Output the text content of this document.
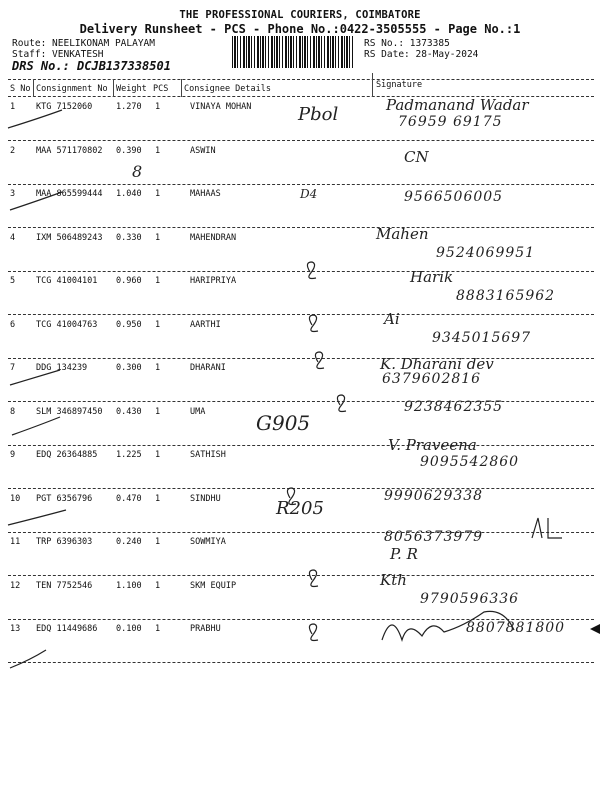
THE PROFESSIONAL COURIERS, COIMBATORE
Delivery Runsheet - PCS - Phone No.:0422-3505555 - Page No.:1
Route: NEELIKONAM PALAYAM
Staff: VENKATESH
DRS No.: DCJB137338501
RS No.: 1373385
RS Date: 28-May-2024
S No Consignment No Weight PCS Consignee Details	Signature
1 KTG 7152060	1.270 1	VINAYA MOHAN	Pbol	Padmanand Wadar
76959 69175
2 MAA 571170802 0.390 1	ASWIN
8
CN
3 MAA 865599444 1.040 1	MAHAAS	D4	9566506005
4 IXM 506489243 0.330 1	MAHENDRAN	Mahen
9524069951
5 TCG 41004101 0.960 1	HARIPRIYA	Harik
8883165962
6 TCG 41004763 0.950 1	AARTHI	Ai
9345015697
7 DDG 134239	0.300 1	DHARANI	K. Dharani dev
6379602816
8 SLM 346897450 0.430 1	UMA	G905
9238462355
9 EDQ 26364885 1.225 1	SATHISH
V. Praveena
9095542860
10 PGT 6356796	0.470 1	SINDHU	R205
9990629338
11 TRP 6396303	0.240 1	SOWMIYA
P. R
8056373979
12 TEN 7752546	1.100 1	SKM EQUIP	Kth
9790596336
13 EDQ 11449686 0.100 1	PRABHU	8807881800
